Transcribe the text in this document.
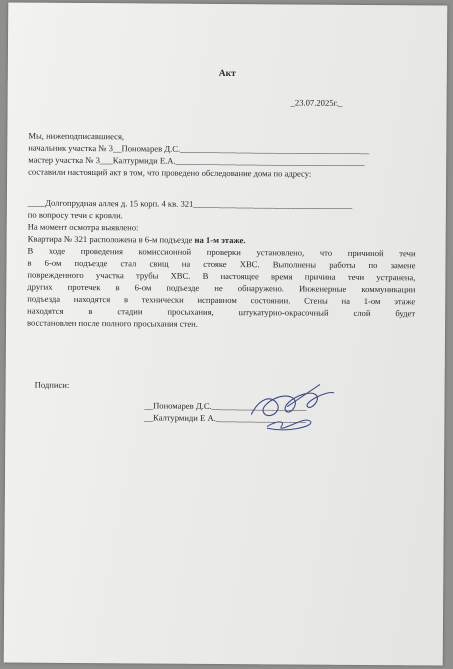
Акт
_23.07.2025г._
Мы, нижеподписавшиеся,
начальник участка № 3__Пономарев Д.С.____________________________________________
мастер участка № 3___Калтурмиди Е.А.____________________________________________
составили настоящий акт в том, что проведено обследование дома по адресу:
____Долгопрудная аллея д. 15 корп. 4 кв. 321_____________________________________
по вопросу течи с кровли.
На момент осмотра выявлено:
Квартира № 321 расположена в 6-м подъезде на 1-м этаже.
В ходе проведения комиссионной проверки установлено, что причиной течи
в 6-ом подъезде стал свищ на стояке ХВС. Выполнены работы по замене
поврежденного участка трубы ХВС. В настоящее время причина течи устранена,
других протечек в 6-ом подъезде не обнаружено. Инженерные коммуникации
подъезда находятся в технически исправном состоянии. Стены на 1-ом этаже
находятся в стадии просыхания, штукатурно-окрасочный слой будет
восстановлен после полного просыхания стен.
Подписи:
__Пономарев Д.С.______________________
__Калтурмиди Е А._____________________
